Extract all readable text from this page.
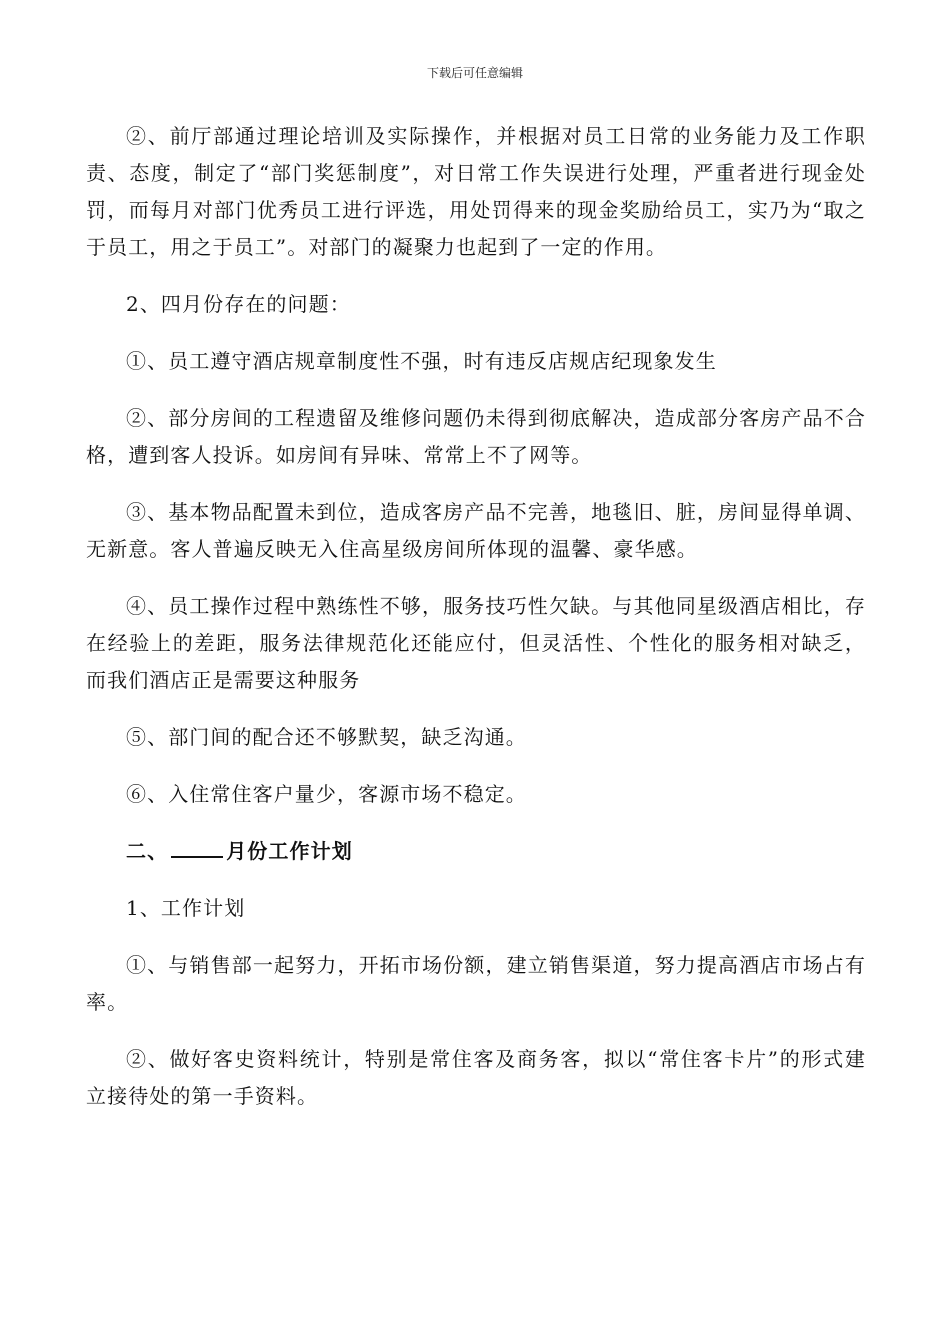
下载后可任意编辑

②、前厅部通过理论培训及实际操作，并根据对员工日常的业务能力及工作职责、态度，制定了“部门奖惩制度”，对日常工作失误进行处理，严重者进行现金处罚，而每月对部门优秀员工进行评选，用处罚得来的现金奖励给员工，实乃为“取之于员工，用之于员工”。对部门的凝聚力也起到了一定的作用。

2、四月份存在的问题：

①、员工遵守酒店规章制度性不强，时有违反店规店纪现象发生

②、部分房间的工程遗留及维修问题仍未得到彻底解决，造成部分客房产品不合格，遭到客人投诉。如房间有异味、常常上不了网等。

③、基本物品配置未到位，造成客房产品不完善，地毯旧、脏，房间显得单调、无新意。客人普遍反映无入住高星级房间所体现的温馨、豪华感。

④、员工操作过程中熟练性不够，服务技巧性欠缺。与其他同星级酒店相比，存在经验上的差距，服务法律规范化还能应付，但灵活性、个性化的服务相对缺乏，而我们酒店正是需要这种服务

⑤、部门间的配合还不够默契，缺乏沟通。

⑥、入住常住客户量少，客源市场不稳定。

二、	月份工作计划

1、工作计划

①、与销售部一起努力，开拓市场份额，建立销售渠道，努力提高酒店市场占有率。

②、做好客史资料统计，特别是常住客及商务客，拟以“常住客卡片”的形式建立接待处的第一手资料。
